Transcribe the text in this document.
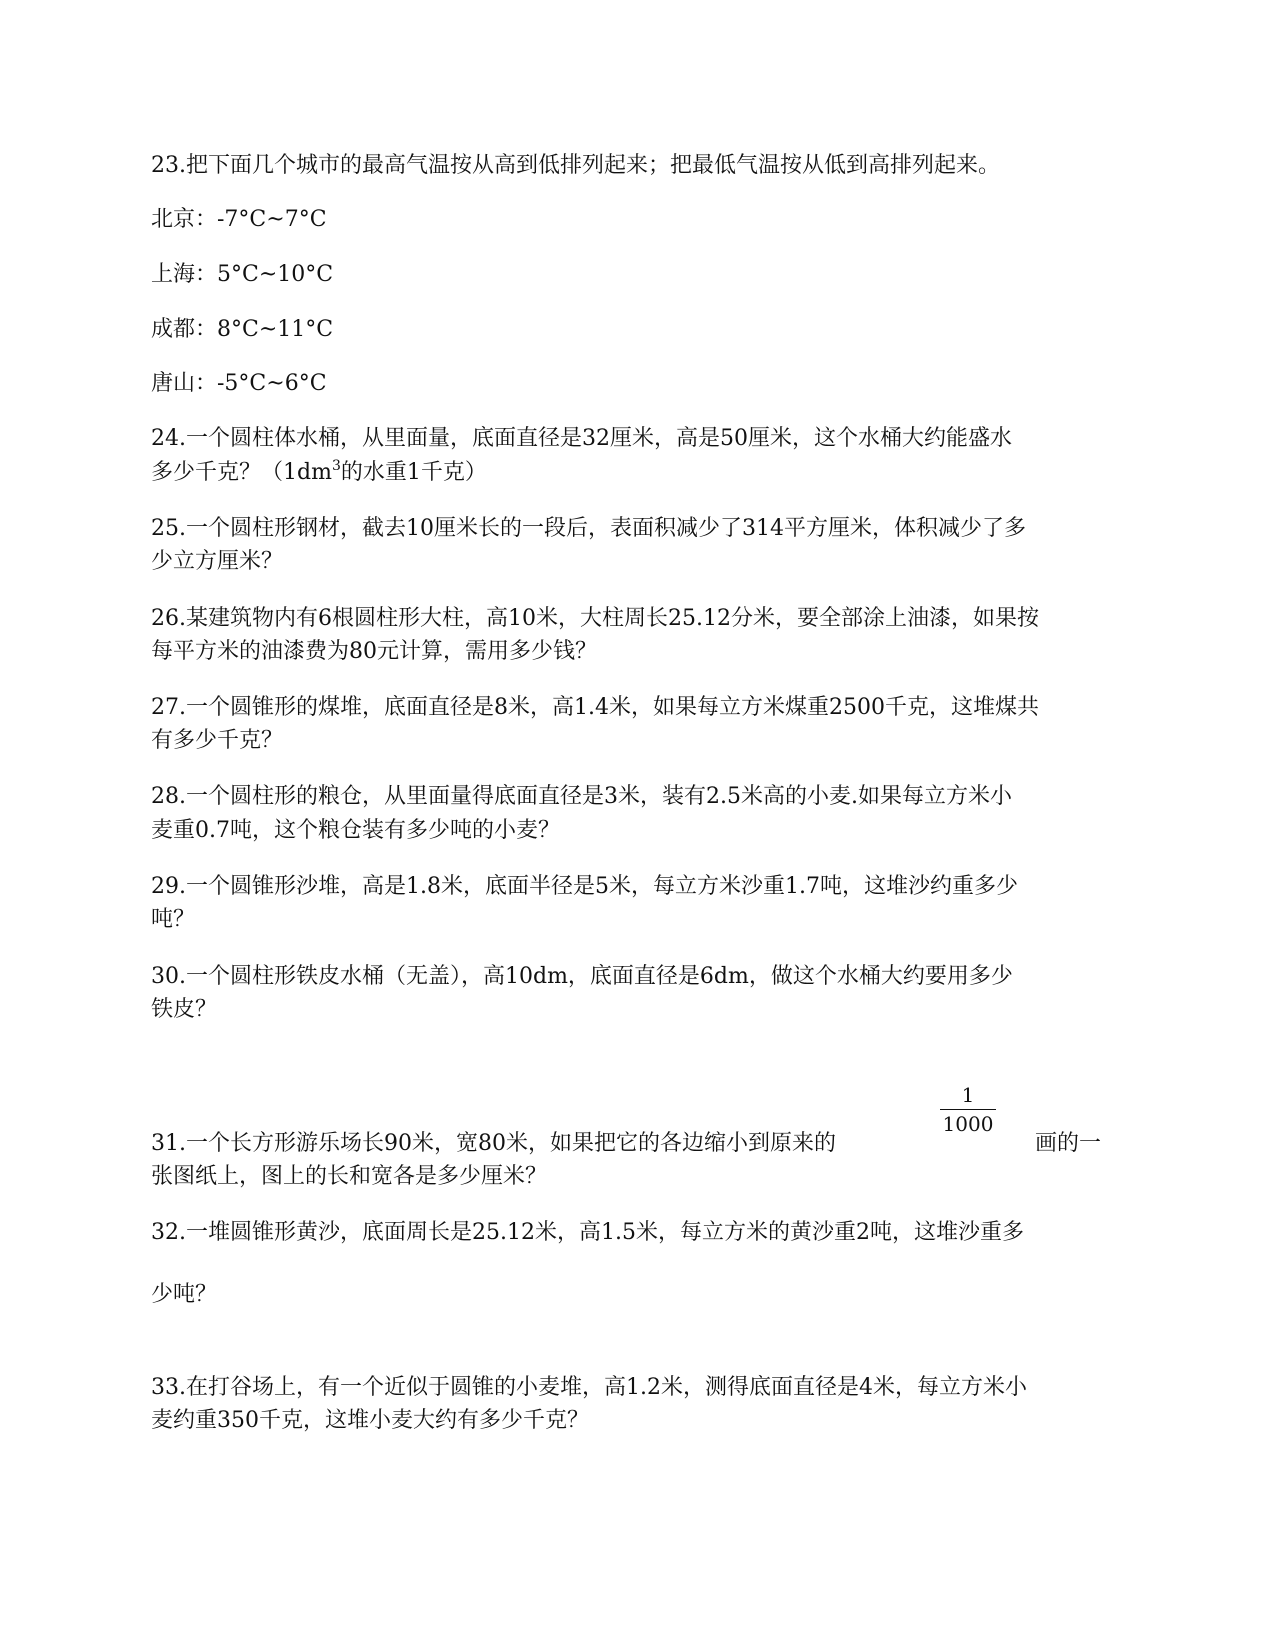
23.把下面几个城市的最高气温按从高到低排列起来；把最低气温按从低到高排列起来。

北京：-7°C~7°C

上海：5°C~10°C

成都：8°C~11°C

唐山：-5°C~6°C

24.一个圆柱体水桶，从里面量，底面直径是32厘米，高是50厘米，这个水桶大约能盛水

多少千克？（$1dm^3$的水重1千克）

25.一个圆柱形钢材，截去10厘米长的一段后，表面积减少了314平方厘米，体积减少了多

少立方厘米？

26.某建筑物内有6根圆柱形大柱，高10米，大柱周长25.12分米，要全部涂上油漆，如果按

每平方米的油漆费为80元计算，需用多少钱？

27.一个圆锥形的煤堆，底面直径是8米，高1.4米，如果每立方米煤重2500千克，这堆煤共

有多少千克？

28.一个圆柱形的粮仓，从里面量得底面直径是3米，装有2.5米高的小麦.如果每立方米小

麦重0.7吨，这个粮仓装有多少吨的小麦？

29.一个圆锥形沙堆，高是1.8米，底面半径是5米，每立方米沙重1.7吨，这堆沙约重多少

吨？

30.一个圆柱形铁皮水桶（无盖），高10dm，底面直径是6dm，做这个水桶大约要用多少

铁皮？

31.一个长方形游乐场长90米，宽80米，如果把它的各边缩小到原来的

$\frac{1}{1000}$
画的一

张图纸上，图上的长和宽各是多少厘米？

32.一堆圆锥形黄沙，底面周长是25.12米，高1.5米，每立方米的黄沙重2吨，这堆沙重多

少吨？

33.在打谷场上，有一个近似于圆锥的小麦堆，高1.2米，测得底面直径是4米，每立方米小

麦约重350千克，这堆小麦大约有多少千克？
